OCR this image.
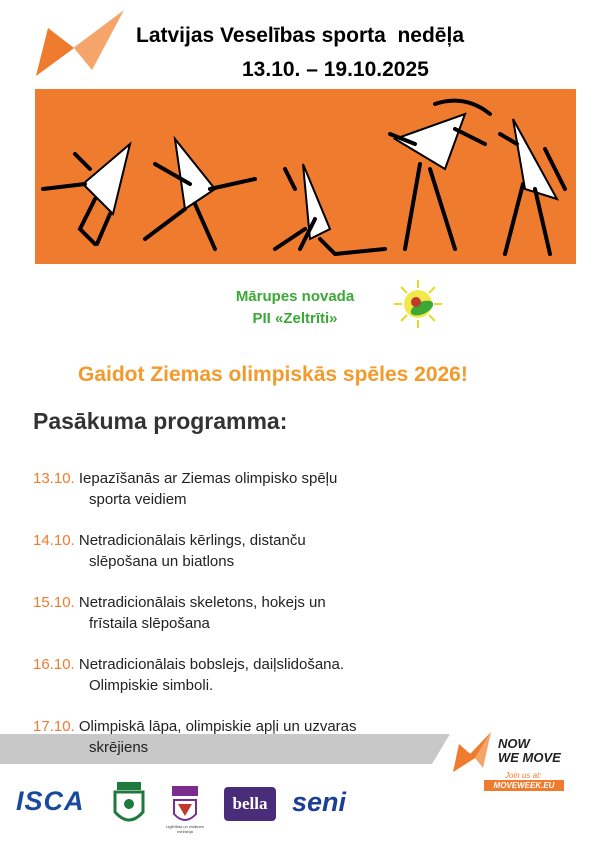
Latvijas Veselības sporta  nedēļa
13.10. – 19.10.2025
Mārupes novada
PII «Zeltrīti»
Gaidot Ziemas olimpiskās spēles 2026!
Pasākuma programma:
13.10. Iepazīšanās ar Ziemas olimpisko spēļu
sporta veidiem
14.10. Netradicionālais kērlings, distanču
slēpošana un biatlons
15.10. Netradicionālais skeletons, hokejs un
frīstaila slēpošana
16.10. Netradicionālais bobslejs, daiļslidošana.
Olimpiskie simboli.
17.10. Olimpiskā lāpa, olimpiskie apļi un uzvaras
skrējiens	NOW
WE MOVE
Join us at:
MOVEWEEK.EU
ISCA
Izglītības un zinātnes ministrija
bella seni
